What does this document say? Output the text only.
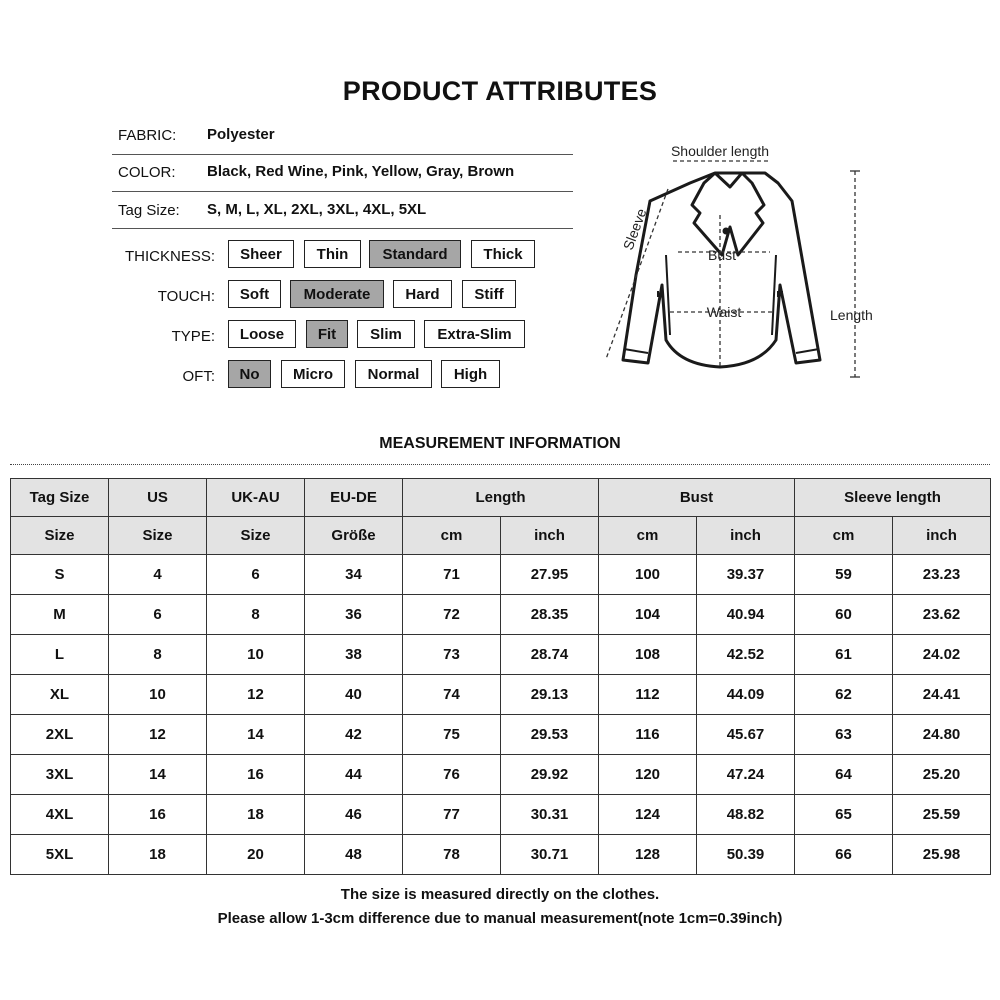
PRODUCT ATTRIBUTES
FABRIC: Polyester
COLOR: Black, Red Wine, Pink, Yellow, Gray, Brown
Tag Size: S, M, L, XL, 2XL, 3XL, 4XL, 5XL
THICKNESS:	Sheer	Thin	Standard	Thick
TOUCH:	Soft	Moderate	Hard	Stiff
TYPE:	Loose	Fit	Slim	Extra-Slim
OFT:	No	Micro	Normal	High
Shoulder length
Sleeve
Bust
Waist	Length
MEASUREMENT INFORMATION
Tag Size	US	UK-AU	EU-DE	Length		Bust		Sleeve length	
Size	Size	Size	Größe	cm	inch	cm	inch	cm	inch
S	4	6	34	71	27.95	100	39.37	59	23.23
M	6	8	36	72	28.35	104	40.94	60	23.62
L	8	10	38	73	28.74	108	42.52	61	24.02
XL	10	12	40	74	29.13	112	44.09	62	24.41
2XL	12	14	42	75	29.53	116	45.67	63	24.80
3XL	14	16	44	76	29.92	120	47.24	64	25.20
4XL	16	18	46	77	30.31	124	48.82	65	25.59
5XL	18	20	48	78	30.71	128	50.39	66	25.98
The size is measured directly on the clothes.
Please allow 1-3cm difference due to manual measurement(note 1cm=0.39inch)
